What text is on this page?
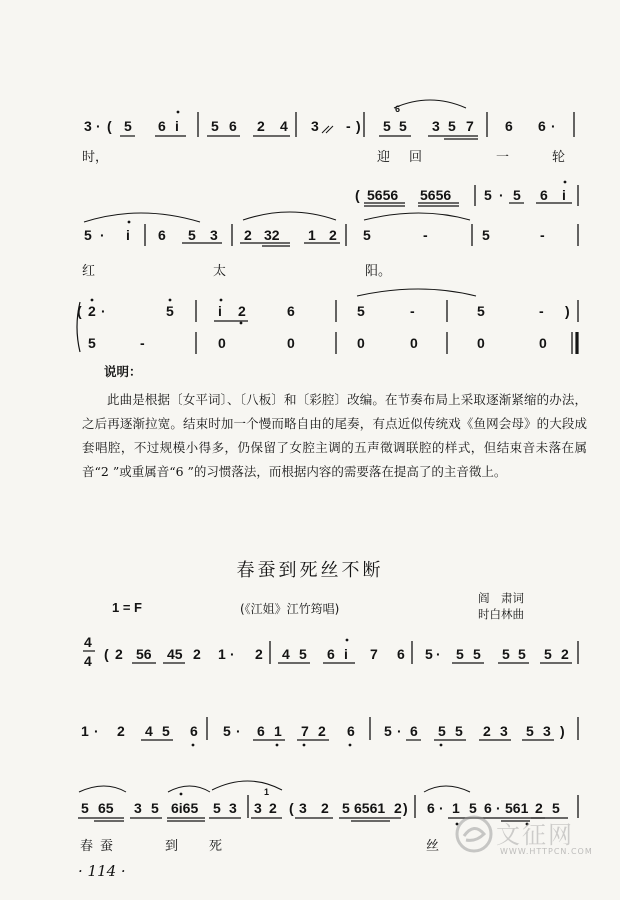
3 · ( 5 6 i 5 6 2 4 3 - 5 5 3 5 7 6 6 ·
)
6
时，	迎 回	一	轮
( 5656 5656 5 · 5 6 i
5 · i 6 5 3 2 32 1 2 5	-	5	-
红	太	阳。
( 2 ·	5	i 2	6	5	-	5	- )
5	-	0	0	0	0	0	0
4
4 ( 2 56 45 2 1 · 2 4 5 6 i 7 6 5 · 5 5 5 5 5 2
1 · 2 4 5 6 5 · 6 1 7 2 6 5 · 6 5 5 2 3 5 3 )
5 65 3 5 6i65 5 3 3 2 ( 3 2 5 6561 2 ) 6 · 1 5 6 · 561 2 5
1
春 蚕	到 死	丝
说明：

此曲是根据〔女平词〕、〔八板〕和〔彩腔〕改编。在节奏布局上采取逐渐紧缩的办法，之后再逐渐拉宽。结束时加一个慢而略自由的尾奏，有点近似传统戏《鱼网会母》的大段成套唱腔，不过规模小得多，仍保留了女腔主调的五声徵调联腔的样式，但结束音未落在属音“2 ”或重属音“6 ”的习惯落法，而根据内容的需要落在提高了的主音徵上。

春蚕到死丝不断
1 = F	(《江姐》江竹筠唱)
阎　肃词
时白林曲
· 114 ·
文征网
WWW.HTTPCN.COM
